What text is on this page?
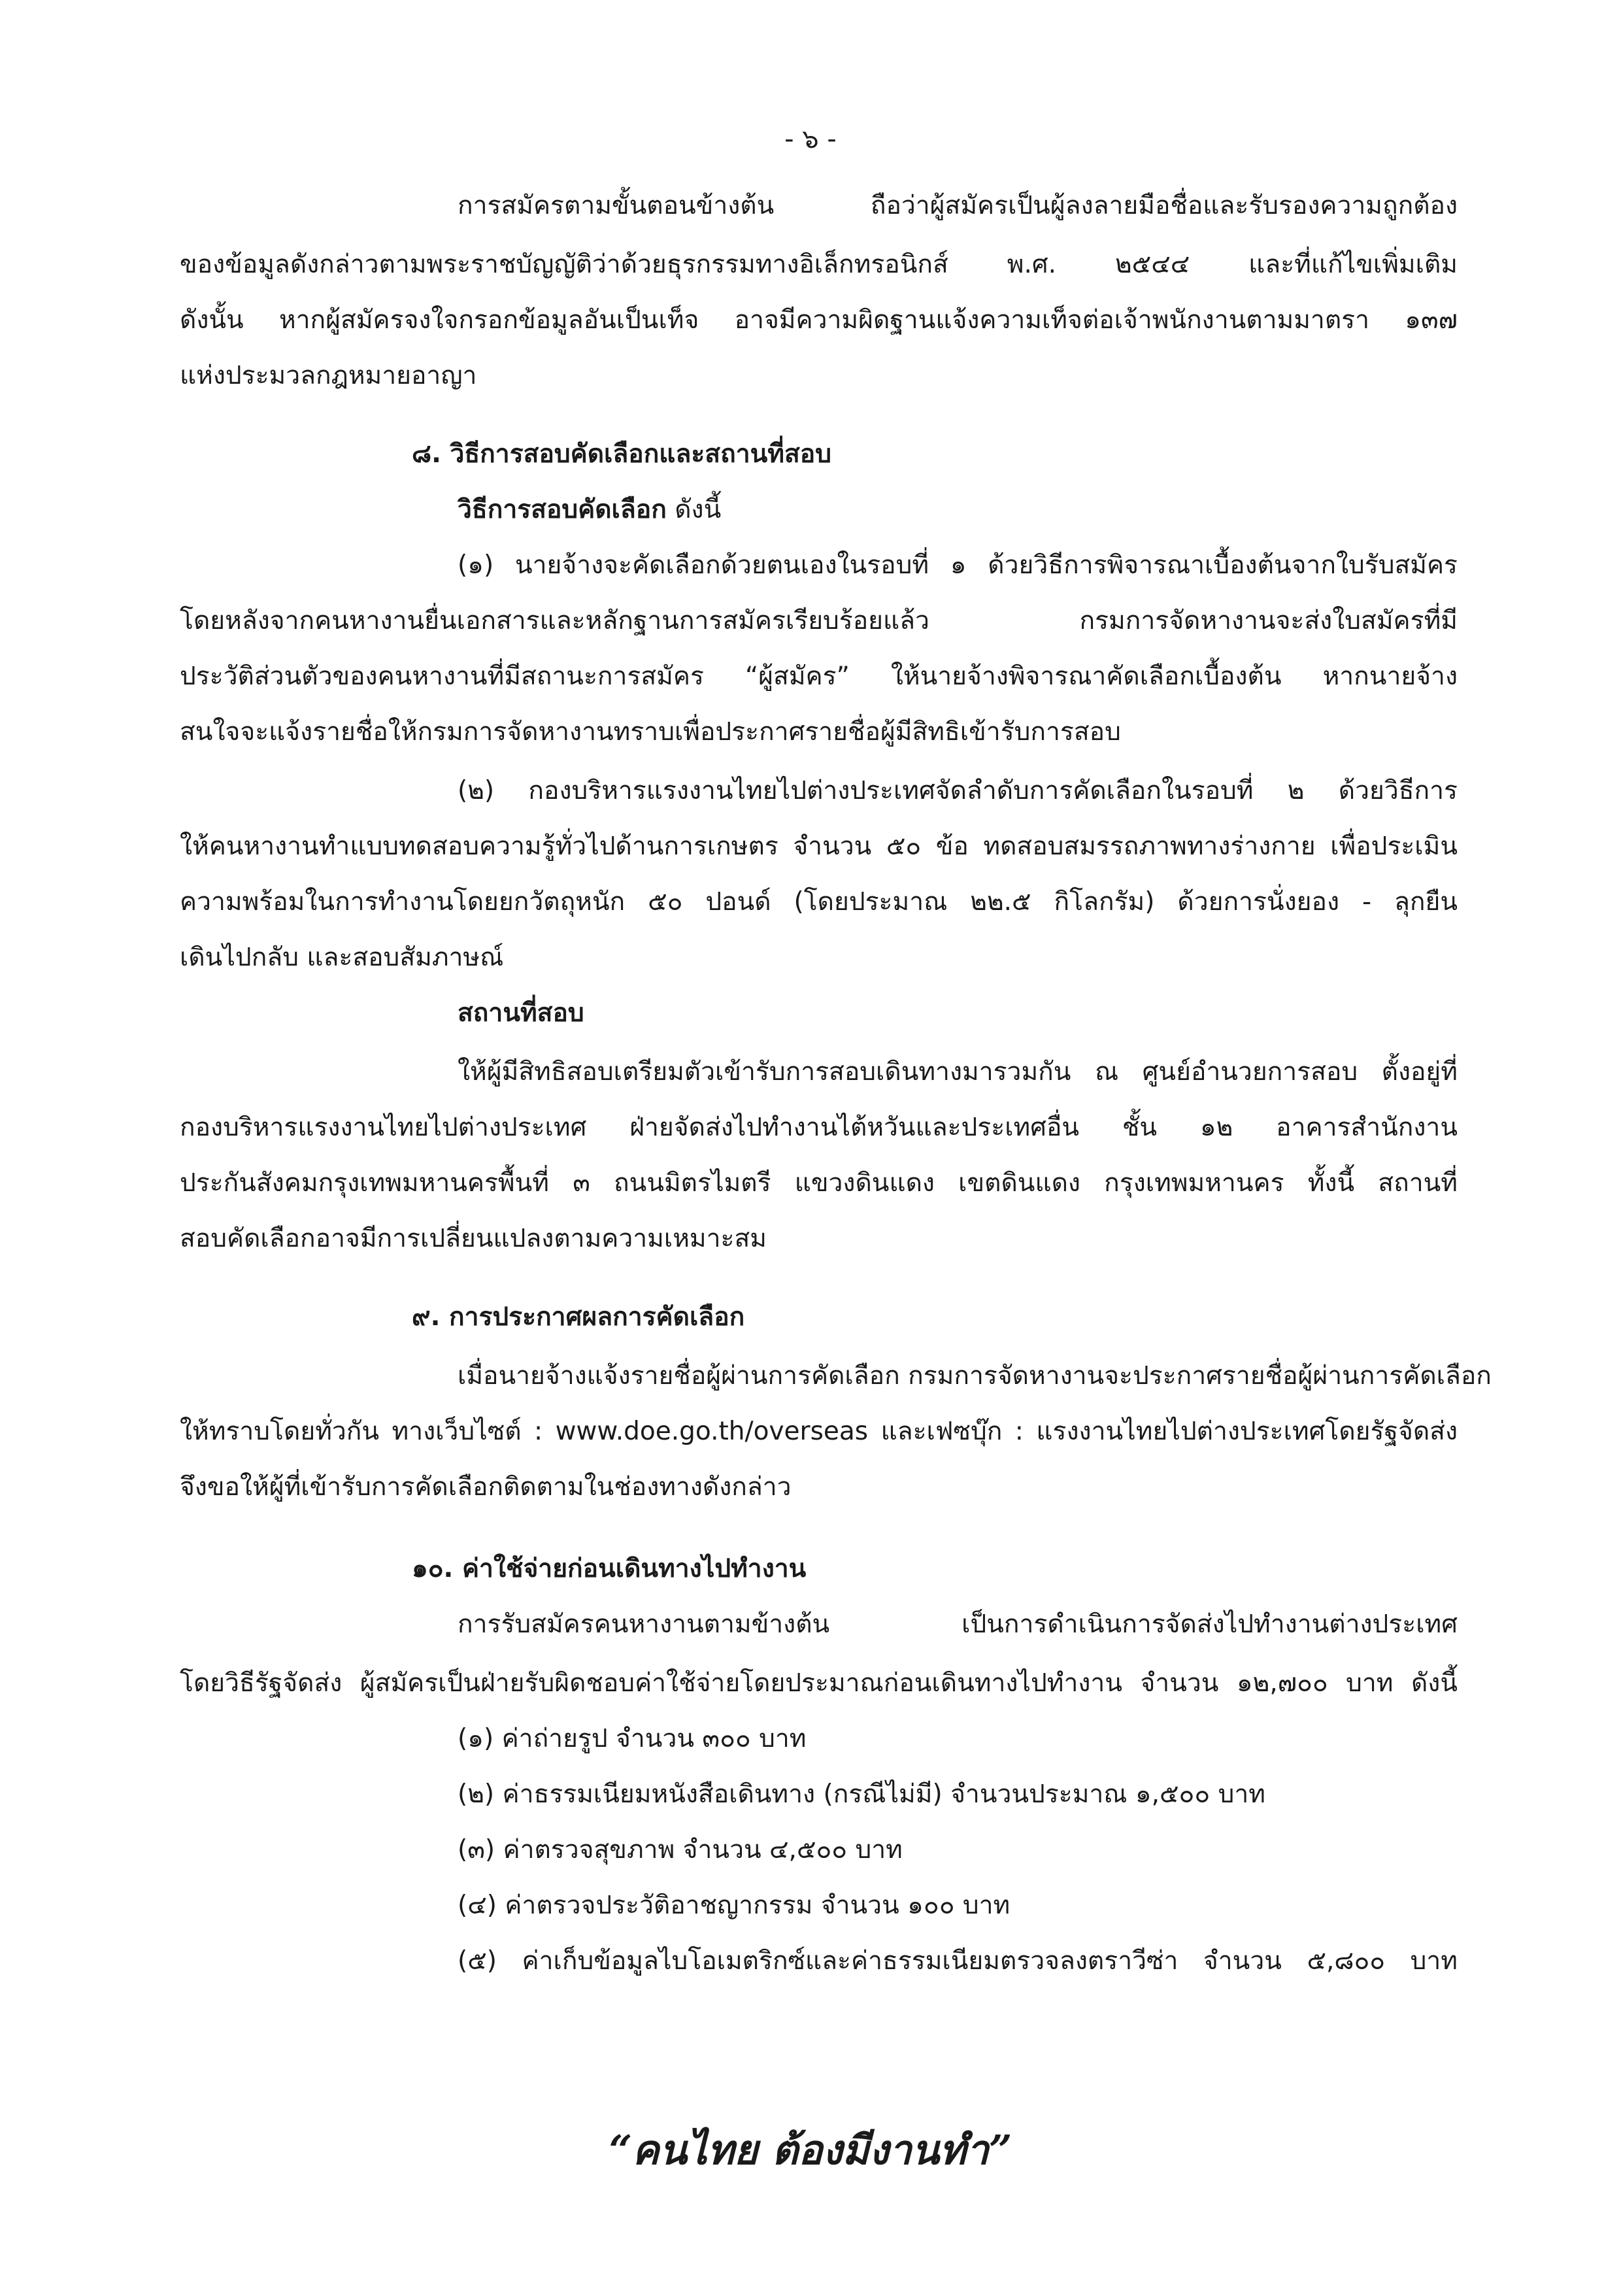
- ๖ -
การสมัครตามขั้นตอนข้างต้น ถือว่าผู้สมัครเป็นผู้ลงลายมือชื่อและรับรองความถูกต้อง
ของข้อมูลดังกล่าวตามพระราชบัญญัติว่าด้วยธุรกรรมทางอิเล็กทรอนิกส์ พ.ศ. ๒๕๔๔ และที่แก้ไขเพิ่มเติม
ดังนั้น หากผู้สมัครจงใจกรอกข้อมูลอันเป็นเท็จ อาจมีความผิดฐานแจ้งความเท็จต่อเจ้าพนักงานตามมาตรา ๑๓๗
แห่งประมวลกฎหมายอาญา
๘. วิธีการสอบคัดเลือกและสถานที่สอบ
วิธีการสอบคัดเลือก ดังนี้
(๑) นายจ้างจะคัดเลือกด้วยตนเองในรอบที่ ๑ ด้วยวิธีการพิจารณาเบื้องต้นจากใบรับสมัคร
โดยหลังจากคนหางานยื่นเอกสารและหลักฐานการสมัครเรียบร้อยแล้ว กรมการจัดหางานจะส่งใบสมัครที่มี
ประวัติส่วนตัวของคนหางานที่มีสถานะการสมัคร “ผู้สมัคร” ให้นายจ้างพิจารณาคัดเลือกเบื้องต้น หากนายจ้าง
สนใจจะแจ้งรายชื่อให้กรมการจัดหางานทราบเพื่อประกาศรายชื่อผู้มีสิทธิเข้ารับการสอบ
(๒) กองบริหารแรงงานไทยไปต่างประเทศจัดลำดับการคัดเลือกในรอบที่ ๒ ด้วยวิธีการ
ให้คนหางานทำแบบทดสอบความรู้ทั่วไปด้านการเกษตร จำนวน ๕๐ ข้อ ทดสอบสมรรถภาพทางร่างกาย เพื่อประเมิน
ความพร้อมในการทำงานโดยยกวัตถุหนัก ๕๐ ปอนด์ (โดยประมาณ ๒๒.๕ กิโลกรัม) ด้วยการนั่งยอง - ลุกยืน
เดินไปกลับ และสอบสัมภาษณ์
สถานที่สอบ
ให้ผู้มีสิทธิสอบเตรียมตัวเข้ารับการสอบเดินทางมารวมกัน ณ ศูนย์อำนวยการสอบ ตั้งอยู่ที่
กองบริหารแรงงานไทยไปต่างประเทศ ฝ่ายจัดส่งไปทำงานไต้หวันและประเทศอื่น ชั้น ๑๒ อาคารสำนักงาน
ประกันสังคมกรุงเทพมหานครพื้นที่ ๓ ถนนมิตรไมตรี แขวงดินแดง เขตดินแดง กรุงเทพมหานคร ทั้งนี้ สถานที่
สอบคัดเลือกอาจมีการเปลี่ยนแปลงตามความเหมาะสม
๙. การประกาศผลการคัดเลือก
เมื่อนายจ้างแจ้งรายชื่อผู้ผ่านการคัดเลือก กรมการจัดหางานจะประกาศรายชื่อผู้ผ่านการคัดเลือก
ให้ทราบโดยทั่วกัน ทางเว็บไซต์ : www.doe.go.th/overseas และเฟซบุ๊ก : แรงงานไทยไปต่างประเทศโดยรัฐจัดส่ง
จึงขอให้ผู้ที่เข้ารับการคัดเลือกติดตามในช่องทางดังกล่าว
๑๐. ค่าใช้จ่ายก่อนเดินทางไปทำงาน
การรับสมัครคนหางานตามข้างต้น เป็นการดำเนินการจัดส่งไปทำงานต่างประเทศ
โดยวิธีรัฐจัดส่ง ผู้สมัครเป็นฝ่ายรับผิดชอบค่าใช้จ่ายโดยประมาณก่อนเดินทางไปทำงาน จำนวน ๑๒,๗๐๐ บาท ดังนี้
(๑) ค่าถ่ายรูป จำนวน ๓๐๐ บาท
(๒) ค่าธรรมเนียมหนังสือเดินทาง (กรณีไม่มี) จำนวนประมาณ ๑,๕๐๐ บาท
(๓) ค่าตรวจสุขภาพ จำนวน ๔,๕๐๐ บาท
(๔) ค่าตรวจประวัติอาชญากรรม จำนวน ๑๐๐ บาท
(๕) ค่าเก็บข้อมูลไบโอเมตริกซ์และค่าธรรมเนียมตรวจลงตราวีซ่า จำนวน ๕,๘๐๐ บาท
“คนไทย ต้องมีงานทำ”
